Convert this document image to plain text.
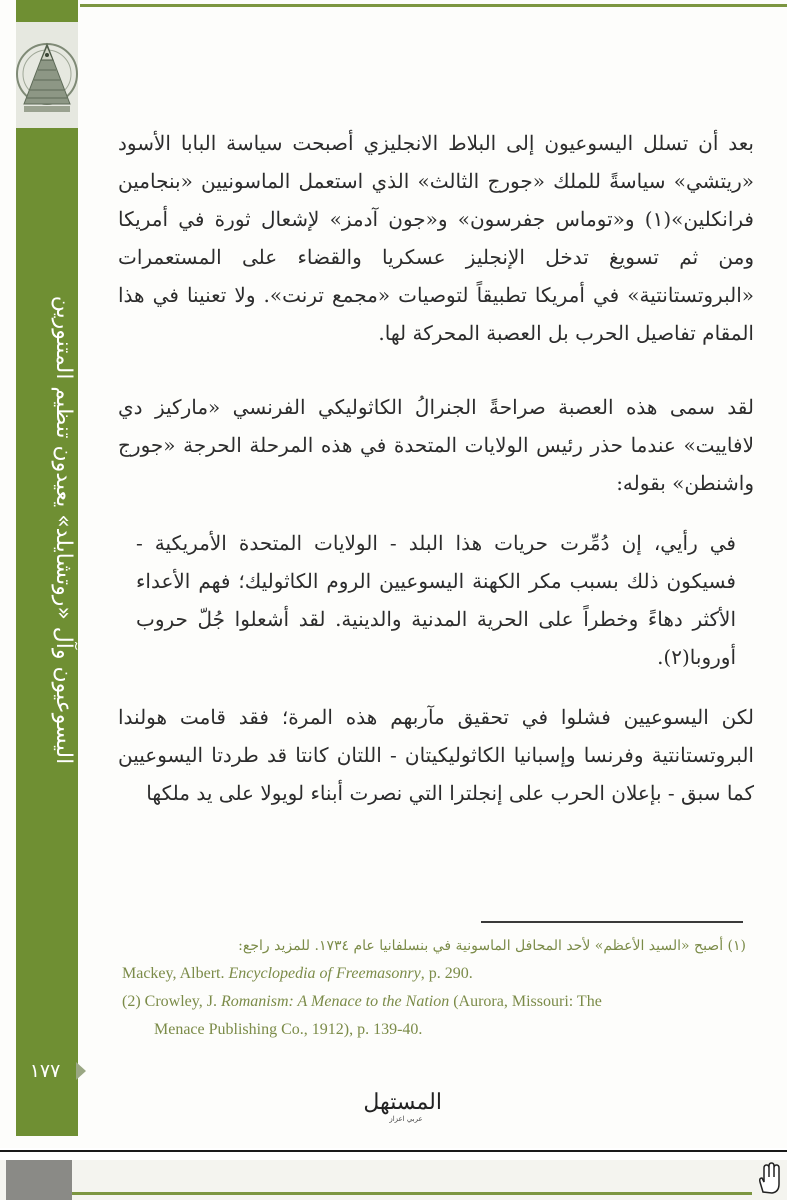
اليسوعيون وآل «روتشايلد» يعيدون تنظيم المتنورين
١٧٧

بعد أن تسلل اليسوعيون إلى البلاط الانجليزي أصبحت سياسة البابا الأسود «ريتشي» سياسةً للملك «جورج الثالث» الذي استعمل الماسونيين «بنجامين فرانكلين»(١) و«توماس جفرسون» و«جون آدمز» لإشعال ثورة في أمريكا ومن ثم تسويغ تدخل الإنجليز عسكريا والقضاء على المستعمرات «البروتستانتية» في أمريكا تطبيقاً لتوصيات «مجمع ترنت». ولا تعنينا في هذا المقام تفاصيل الحرب بل العصبة المحركة لها.

لقد سمى هذه العصبة صراحةً الجنرالُ الكاثوليكي الفرنسي «ماركيز دي لافاييت» عندما حذر رئيس الولايات المتحدة في هذه المرحلة الحرجة «جورج واشنطن» بقوله:

في رأيي، إن دُمِّرت حريات هذا البلد - الولايات المتحدة الأمريكية - فسيكون ذلك بسبب مكر الكهنة اليسوعيين الروم الكاثوليك؛ فهم الأعداء الأكثر دهاءً وخطراً على الحرية المدنية والدينية. لقد أشعلوا جُلّ حروب أوروبا(٢).

لكن اليسوعيين فشلوا في تحقيق مآربهم هذه المرة؛ فقد قامت هولندا البروتستانتية وفرنسا وإسبانيا الكاثوليكيتان - اللتان كانتا قد طردتا اليسوعيين كما سبق - بإعلان الحرب على إنجلترا التي نصرت أبناء لويولا على يد ملكها

(١) أصبح «السيد الأعظم» لأحد المحافل الماسونية في بنسلفانيا عام ١٧٣٤. للمزيد راجع:
Mackey, Albert. Encyclopedia of Freemasonry, p. 290.
(2) Crowley, J. Romanism: A Menace to the Nation (Aurora, Missouri: The
Menace Publishing Co., 1912), p. 139-40.
المستهل
عربي اعزاز
